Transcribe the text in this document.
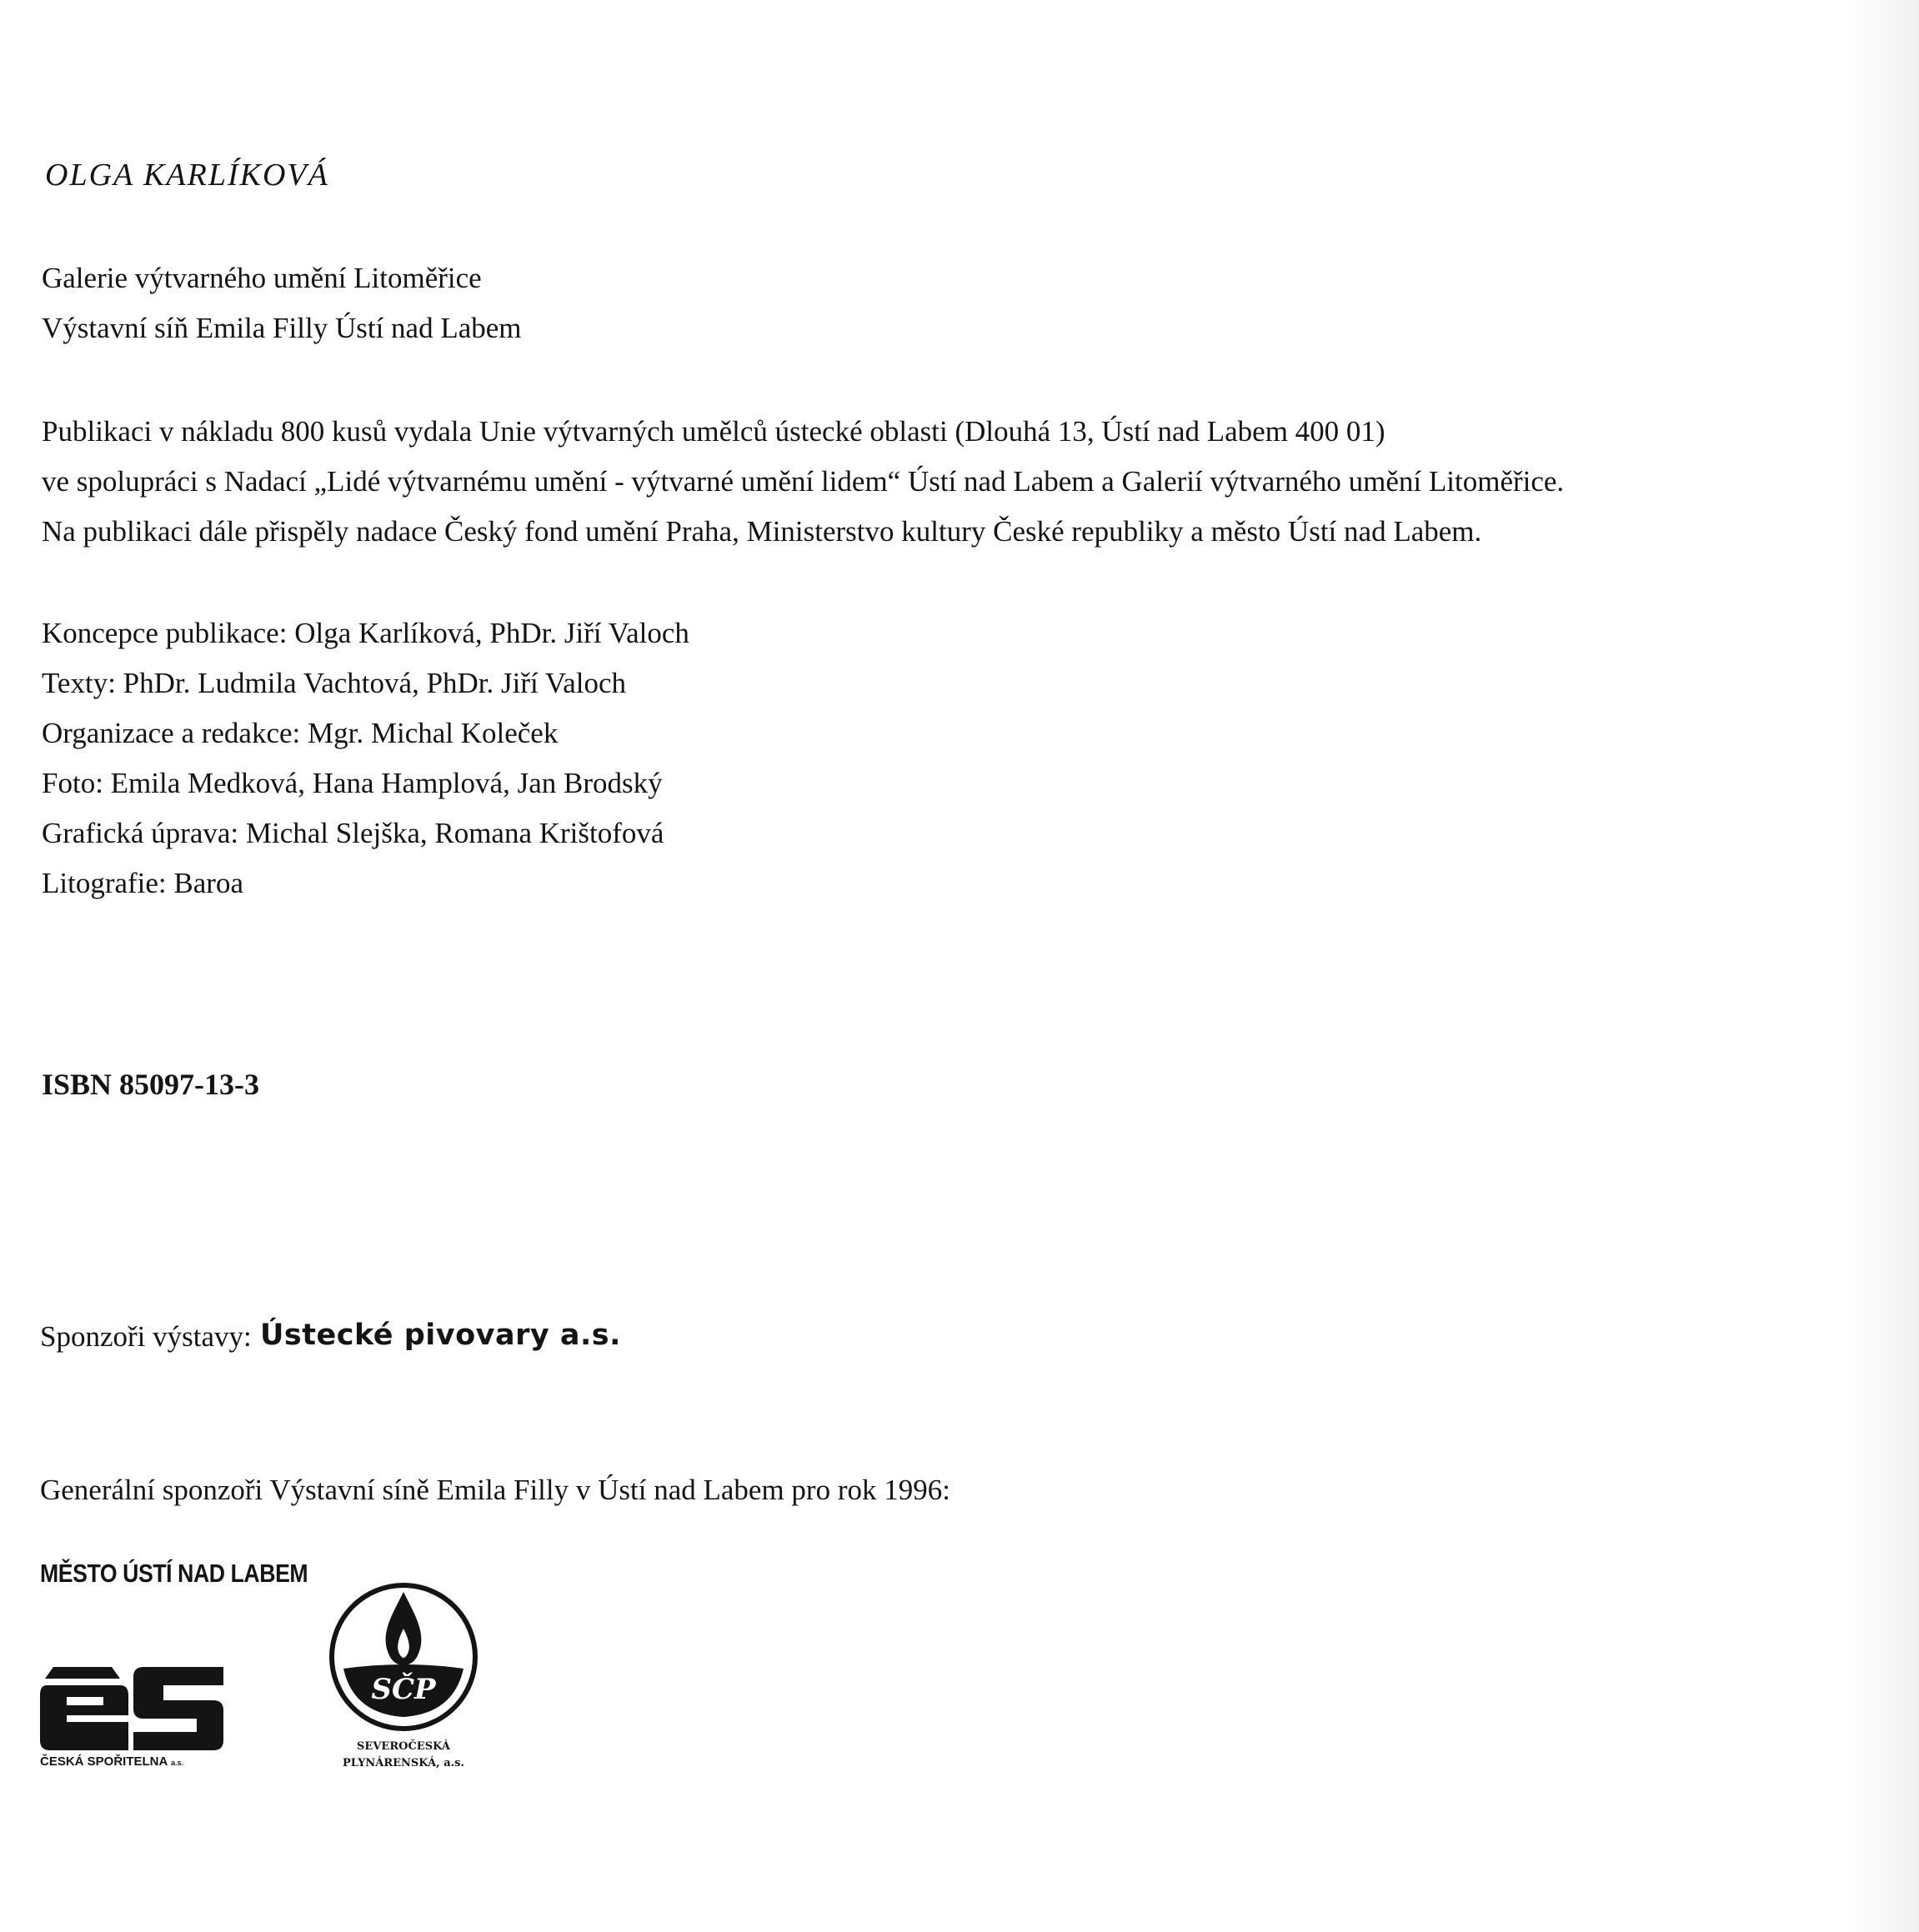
OLGA KARLÍKOVÁ
Galerie výtvarného umění Litoměřice
Výstavní síň Emila Filly Ústí nad Labem
Publikaci v nákladu 800 kusů vydala Unie výtvarných umělců ústecké oblasti (Dlouhá 13, Ústí nad Labem 400 01)
ve spolupráci s Nadací „Lidé výtvarnému umění - výtvarné umění lidem“ Ústí nad Labem a Galerií výtvarného umění Litoměřice.
Na publikaci dále přispěly nadace Český fond umění Praha, Ministerstvo kultury České republiky a město Ústí nad Labem.
Koncepce publikace: Olga Karlíková, PhDr. Jiří Valoch
Texty: PhDr. Ludmila Vachtová, PhDr. Jiří Valoch
Organizace a redakce: Mgr. Michal Koleček
Foto: Emila Medková, Hana Hamplová, Jan Brodský
Grafická úprava: Michal Slejška, Romana Krištofová
Litografie: Baroa
ISBN 85097-13-3
Sponzoři výstavy: Ústecké pivovary a.s.
Generální sponzoři Výstavní síně Emila Filly v Ústí nad Labem pro rok 1996:
MĚSTO ÚSTÍ NAD LABEM
ČESKÁ SPOŘITELNA a.s.
SČP
SEVEROČESKÁ
PLYNÁRENSKÁ, a.s.
